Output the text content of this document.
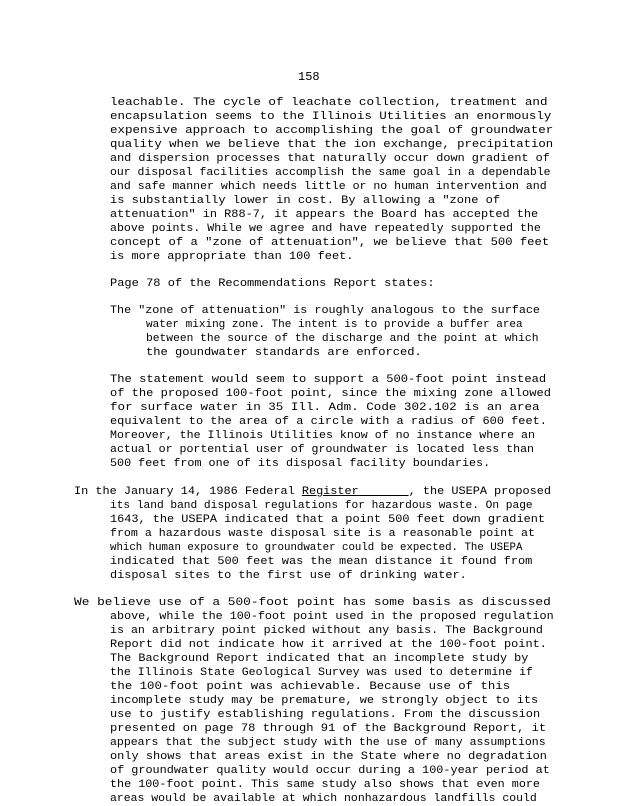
158
leachable. The cycle of leachate collection, treatment and
encapsulation seems to the Illinois Utilities an enormously
expensive approach to accomplishing the goal of groundwater
quality when we believe that the ion exchange, precipitation
and dispersion processes that naturally occur down gradient of
our disposal facilities accomplish the same goal in a dependable
and safe manner which needs little or no human intervention and
is substantially lower in cost. By allowing a "zone of
attenuation" in R88-7, it appears the Board has accepted the
above points. While we agree and have repeatedly supported the
concept of a "zone of attenuation", we believe that 500 feet
is more appropriate than 100 feet.
Page 78 of the Recommendations Report states:
The "zone of attenuation" is roughly analogous to the surface
water mixing zone. The intent is to provide a buffer area
between the source of the discharge and the point at which
the goundwater standards are enforced.
The statement would seem to support a 500-foot point instead
of the proposed 100-foot point, since the mixing zone allowed
for surface water in 35 Ill. Adm. Code 302.102 is an area
equivalent to the area of a circle with a radius of 600 feet.
Moreover, the Illinois Utilities know of no instance where an
actual or portential user of groundwater is located less than
500 feet from one of its disposal facility boundaries.
In the January 14, 1986 Federal Register	, the USEPA proposed
its land band disposal regulations for hazardous waste. On page
1643, the USEPA indicated that a point 500 feet down gradient
from a hazardous waste disposal site is a reasonable point at
which human exposure to groundwater could be expected. The USEPA
indicated that 500 feet was the mean distance it found from
disposal sites to the first use of drinking water.
We believe use of a 500-foot point has some basis as discussed
above, while the 100-foot point used in the proposed regulation
is an arbitrary point picked without any basis. The Background
Report did not indicate how it arrived at the 100-foot point.
The Background Report indicated that an incomplete study by
the Illinois State Geological Survey was used to determine if
the 100-foot point was achievable. Because use of this
incomplete study may be premature, we strongly object to its
use to justify establishing regulations. From the discussion
presented on page 78 through 91 of the Background Report, it
appears that the subject study with the use of many assumptions
only shows that areas exist in the State where no degradation
of groundwater quality would occur during a 100-year period at
the 100-foot point. This same study also shows that even more
areas would be available at which nonhazardous landfills could
